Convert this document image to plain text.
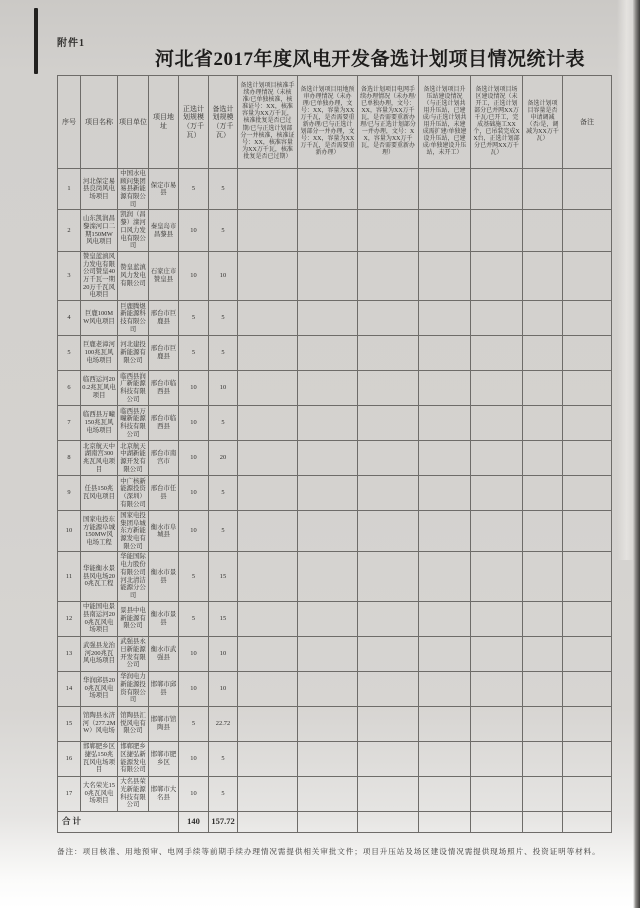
附件1
河北省2017年度风电开发备选计划项目情况统计表
序号	项目名称	项目单位	项目地址	正选计划规模（万千瓦）	备选计划规模（万千瓦）	备选计划项目核准手续办理情况（未核准/已单独核准，核准证号：XX，核准容量为XX万千瓦，核准批复是否已过期/已与正选计划部分一并核准，核准证号：XX，核准容量为XX万千瓦，核准批复是否已过期）	备选计划项目用地预审办理情况（未办理/已单独办理，文号：XX，容量为XX万千瓦，是否需要重新办理/已与正选计划部分一并办理，文号：XX，容量为XX万千瓦，是否需要重新办理）	备选计划项目电网手续办理情况（未办理/已单独办理，文号：XX，容量为XX万千瓦，是否需要重新办理/已与正选计划部分一并办理，文号：XX，容量为XX万千瓦，是否需要重新办理）	备选计划项目升压站建设情况（与正选计划共用升压站，已建成/与正选计划共用升压站，未建成需扩建/单独建设升压站，已建成/单独建设升压站，未开工）	备选计划项目场区建设情况（未开工，正选计划部分已并网XX万千瓦/已开工，完成基础施工XX个，已吊装完成XX台，正选计划部分已并网XX万千瓦）	备选计划项目容量是否申请调减（否/是，调减为XX万千瓦）	备注
1	河北保定易县良岗风电场项目	中国水电顾问集团易县新能源有限公司	保定市易县	5	5							
2	山东凯润昌黎滦河口二期150MW风电项目	凯润（昌黎）滦河口风力发电有限公司	秦皇岛市昌黎县	10	5							
3	赞皇蓝滇风力发电有限公司赞皇40万千瓦一期20万千瓦风电项目	赞皇蓝滇风力发电有限公司	石家庄市赞皇县	10	10							
4	巨鹿100MW风电项目	巨鹿腾煜新能源科技有限公司	邢台市巨鹿县	5	5							
5	巨鹿老漳河100兆瓦风电场项目	河北建投新能源有限公司	邢台市巨鹿县	5	5							
6	临西运河200.2兆瓦风电项目	临西县润广新能源科技有限公司	邢台市临西县	10	10							
7	临西县万疃150兆瓦风电场项目	临西县万疃新能源科技有限公司	邢台市临西县	10	5							
8	北京航天中湖南宫300兆瓦风电项目	北京航天中湖新能源开发有限公司	邢台市南宫市	10	20							
9	任县150兆瓦风电项目	中广核新能源投资（深圳）有限公司	邢台市任县	10	5							
10	国家电投东方能源阜城150MW风电场工程	国家电投集团阜城东方新能源发电有限公司	衡水市阜城县	10	5							
11	华能衡水景县风电场200兆瓦工程	华能国际电力股份有限公司河北清洁能源分公司	衡水市景县	5	15							
12	中能国电景县南运河200兆瓦风电场项目	景县中电新能源有限公司	衡水市景县	5	15							
13	武强县龙治河200兆瓦风电场项目	武强县永日新能源开发有限公司	衡水市武强县	10	10							
14	华润邱县200兆瓦风电场项目	华润电力新能源投资有限公司	邯郸市邱县	10	10							
15	馆陶县永济河（277.2MW）风电场	馆陶县汇悦风电有限公司	邯郸市馆陶县	5	22.72							
16	邯郸肥乡区捷弘150兆瓦风电场项目	邯郸肥乡区捷弘新能源发电有限公司	邯郸市肥乡区	10	5							
17	大名荣光150兆瓦风电场项目	大名县荣光新能源科技有限公司	邯郸市大名县	10	5							
合计				140	157.72							
备注：项目核准、用地预审、电网手续等前期手续办理情况需提供相关审批文件；项目升压站及场区建设情况需提供现场照片、投资证明等材料。
